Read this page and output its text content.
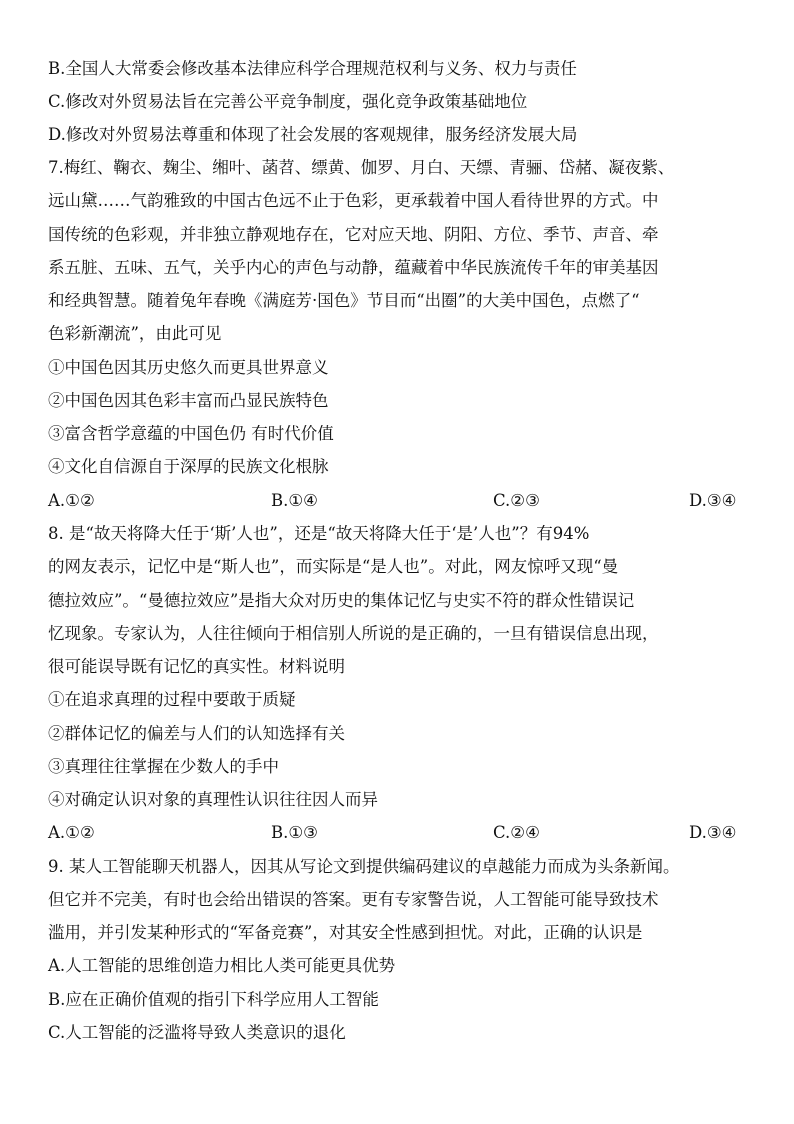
B.全国人大常委会修改基本法律应科学合理规范权利与义务、权力与责任
C.修改对外贸易法旨在完善公平竞争制度，强化竞争政策基础地位
D.修改对外贸易法尊重和体现了社会发展的客观规律，服务经济发展大局
7.梅红、鞠衣、麹尘、缃叶、菡苕、缥黄、伽罗、月白、天缥、青骊、岱赭、凝夜紫、
远山黛……气韵雅致的中国古色远不止于色彩，更承载着中国人看待世界的方式。中
国传统的色彩观，并非独立静观地存在，它对应天地、阴阳、方位、季节、声音、牵
系五脏、五味、五气，关乎内心的声色与动静，蕴藏着中华民族流传千年的审美基因
和经典智慧。随着兔年春晚《满庭芳·国色》节目而“出圈”的大美中国色，点燃了“
色彩新潮流”，由此可见
①中国色因其历史悠久而更具世界意义
②中国色因其色彩丰富而凸显民族特色
③富含哲学意蕴的中国色仍 有时代价值
④文化自信源自于深厚的民族文化根脉
A.①②	B.①④	C.②③	D.③④
8. 是“故天将降大任于‘斯’人也”，还是“故天将降大任于‘是’人也”？有94%
的网友表示，记忆中是“斯人也”，而实际是“是人也”。对此，网友惊呼又现“曼
德拉效应”。“曼德拉效应”是指大众对历史的集体记忆与史实不符的群众性错误记
忆现象。专家认为，人往往倾向于相信别人所说的是正确的，一旦有错误信息出现，
很可能误导既有记忆的真实性。材料说明
①在追求真理的过程中要敢于质疑
②群体记忆的偏差与人们的认知选择有关
③真理往往掌握在少数人的手中
④对确定认识对象的真理性认识往往因人而异
A.①②	B.①③	C.②④	D.③④
9. 某人工智能聊天机器人，因其从写论文到提供编码建议的卓越能力而成为头条新闻。
但它并不完美，有时也会给出错误的答案。更有专家警告说，人工智能可能导致技术
滥用，并引发某种形式的“军备竞赛”，对其安全性感到担忧。对此，正确的认识是
A.人工智能的思维创造力相比人类可能更具优势
B.应在正确价值观的指引下科学应用人工智能
C.人工智能的泛滥将导致人类意识的退化
